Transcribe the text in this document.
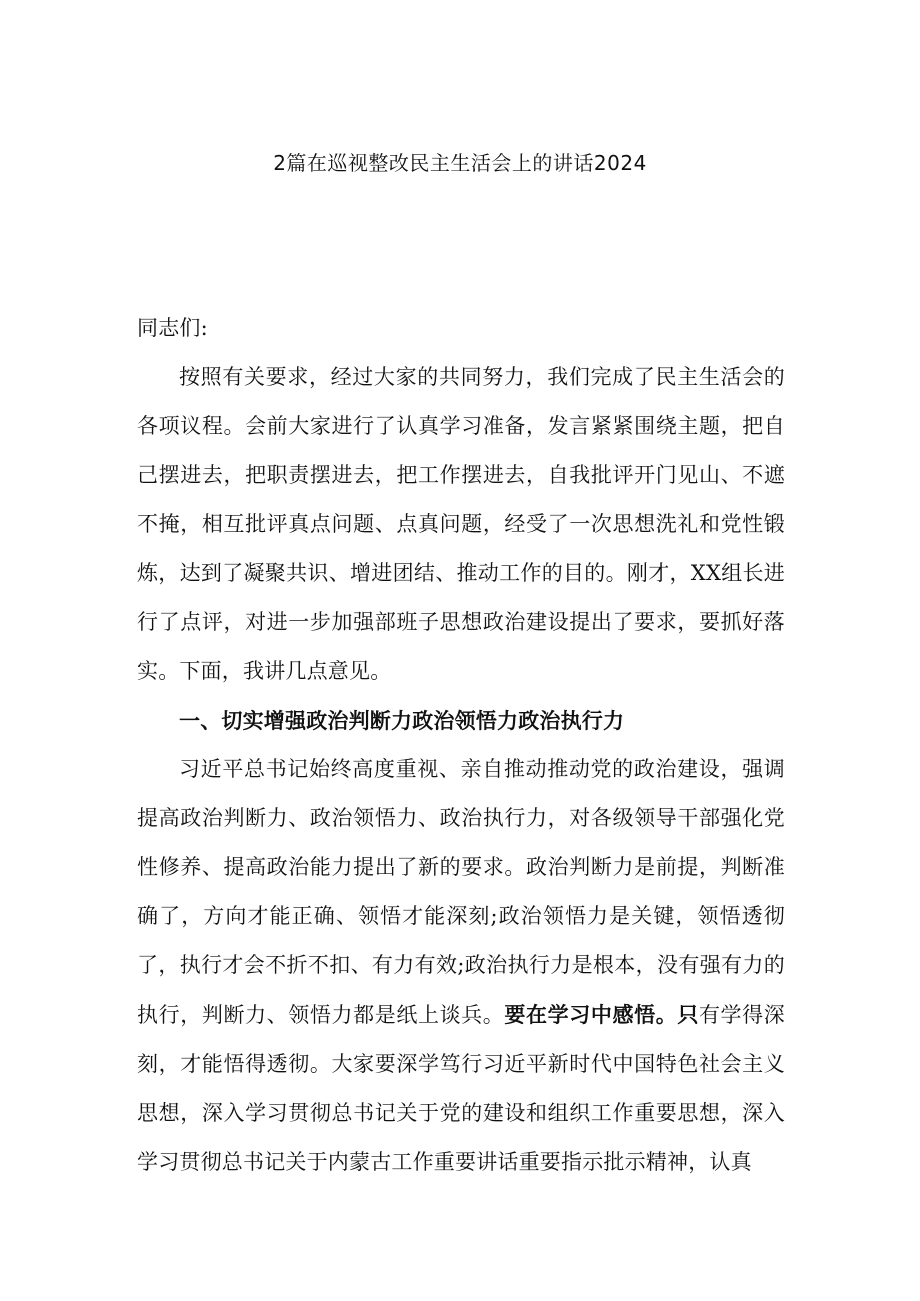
2篇在巡视整改民主生活会上的讲话2024

同志们:

按照有关要求，经过大家的共同努力，我们完成了民主生活会的各项议程。会前大家进行了认真学习准备，发言紧紧围绕主题，把自己摆进去，把职责摆进去，把工作摆进去，自我批评开门见山、不遮不掩，相互批评真点问题、点真问题，经受了一次思想洗礼和党性锻炼，达到了凝聚共识、增进团结、推动工作的目的。刚才，XX组长进行了点评，对进一步加强部班子思想政治建设提出了要求，要抓好落实。下面，我讲几点意见。

一、切实增强政治判断力政治领悟力政治执行力

习近平总书记始终高度重视、亲自推动推动党的政治建设，强调提高政治判断力、政治领悟力、政治执行力，对各级领导干部强化党性修养、提高政治能力提出了新的要求。政治判断力是前提，判断准确了，方向才能正确、领悟才能深刻;政治领悟力是关键，领悟透彻了，执行才会不折不扣、有力有效;政治执行力是根本，没有强有力的执行，判断力、领悟力都是纸上谈兵。要在学习中感悟。只有学得深刻，才能悟得透彻。大家要深学笃行习近平新时代中国特色社会主义思想，深入学习贯彻总书记关于党的建设和组织工作重要思想，深入学习贯彻总书记关于内蒙古工作重要讲话重要指示批示精神，认真
